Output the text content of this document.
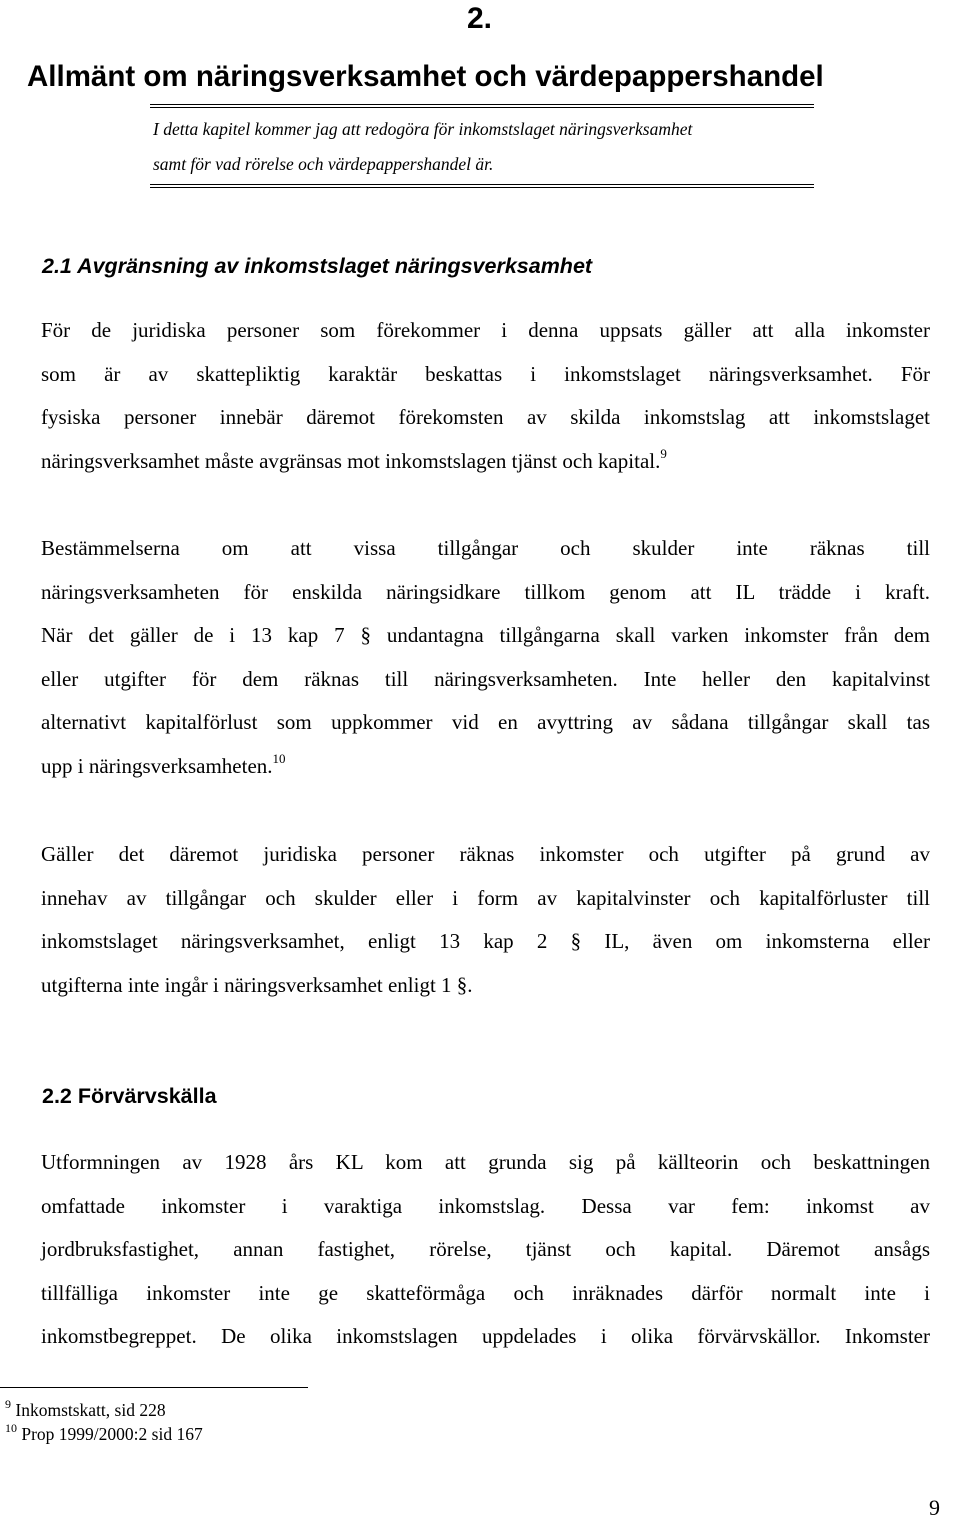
2.
Allmänt om näringsverksamhet och värdepappershandel
I detta kapitel kommer jag att redogöra för inkomstslaget näringsverksamhet
samt för vad rörelse och värdepappershandel är.
2.1 Avgränsning av inkomstslaget näringsverksamhet
För de juridiska personer som förekommer i denna uppsats gäller att alla inkomster
som är av skattepliktig karaktär beskattas i inkomstslaget näringsverksamhet. För
fysiska personer innebär däremot förekomsten av skilda inkomstslag att inkomstslaget
näringsverksamhet måste avgränsas mot inkomstslagen tjänst och kapital.$^9$
Bestämmelserna om att vissa tillgångar och skulder inte räknas till
näringsverksamheten för enskilda näringsidkare tillkom genom att IL trädde i kraft.
När det gäller de i 13 kap 7 § undantagna tillgångarna skall varken inkomster från dem
eller utgifter för dem räknas till näringsverksamheten. Inte heller den kapitalvinst
alternativt kapitalförlust som uppkommer vid en avyttring av sådana tillgångar skall tas
upp i näringsverksamheten.$^{10}$
Gäller det däremot juridiska personer räknas inkomster och utgifter på grund av
innehav av tillgångar och skulder eller i form av kapitalvinster och kapitalförluster till
inkomstslaget näringsverksamhet, enligt 13 kap 2 § IL, även om inkomsterna eller
utgifterna inte ingår i näringsverksamhet enligt 1 §.
2.2 Förvärvskälla
Utformningen av 1928 års KL kom att grunda sig på källteorin och beskattningen
omfattade inkomster i varaktiga inkomstslag. Dessa var fem: inkomst av
jordbruksfastighet, annan fastighet, rörelse, tjänst och kapital. Däremot ansågs
tillfälliga inkomster inte ge skatteförmåga och inräknades därför normalt inte i
inkomstbegreppet. De olika inkomstslagen uppdelades i olika förvärvskällor. Inkomster
$^9$ Inkomstskatt, sid 228
$^{10}$ Prop 1999/2000:2 sid 167
9
